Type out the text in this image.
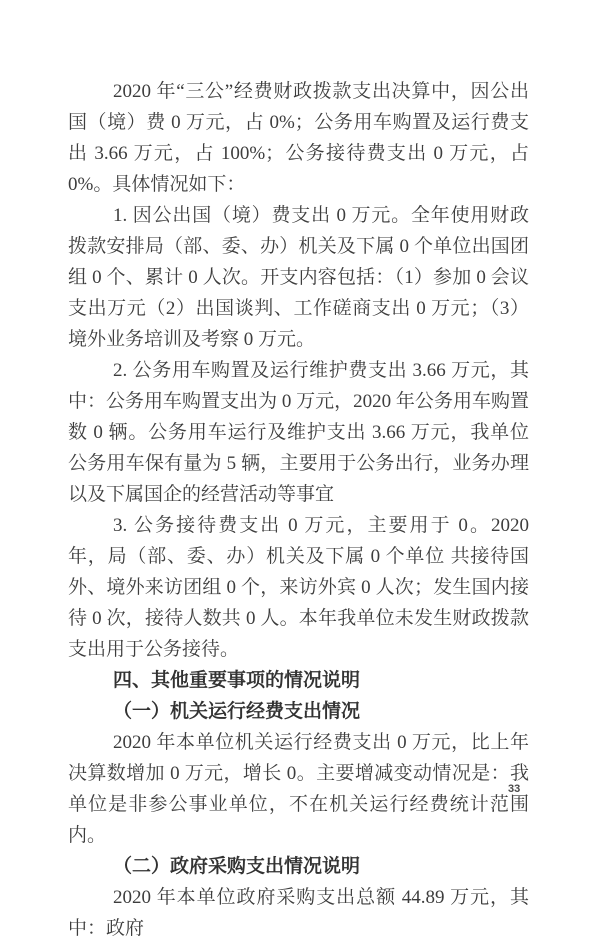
2020 年“三公”经费财政拨款支出决算中，因公出国（境）费 0 万元，占 0%；公务用车购置及运行费支出 3.66 万元，占 100%；公务接待费支出 0 万元，占 0%。具体情况如下：

1. 因公出国（境）费支出 0 万元。全年使用财政拨款安排局（部、委、办）机关及下属 0 个单位出国团组 0 个、累计 0 人次。开支内容包括：（1）参加 0 会议支出万元（2）出国谈判、工作磋商支出 0 万元；（3）境外业务培训及考察 0 万元。

2. 公务用车购置及运行维护费支出 3.66 万元，其中：公务用车购置支出为 0 万元，2020 年公务用车购置数 0 辆。公务用车运行及维护支出 3.66 万元，我单位 公务用车保有量为 5 辆，主要用于公务出行，业务办理以及下属国企的经营活动等事宜

3. 公务接待费支出 0 万元，主要用于 0。2020 年，局（部、委、办）机关及下属 0 个单位 共接待国外、境外来访团组 0 个，来访外宾 0 人次；发生国内接待 0 次，接待人数共 0 人。本年我单位未发生财政拨款支出用于公务接待。

四、其他重要事项的情况说明

（一）机关运行经费支出情况

2020 年本单位机关运行经费支出 0 万元，比上年决算数增加 0 万元，增长 0。主要增减变动情况是：我单位是非参公事业单位，不在机关运行经费统计范围内。

（二）政府采购支出情况说明

2020 年本单位政府采购支出总额 44.89 万元，其中：政府

33
